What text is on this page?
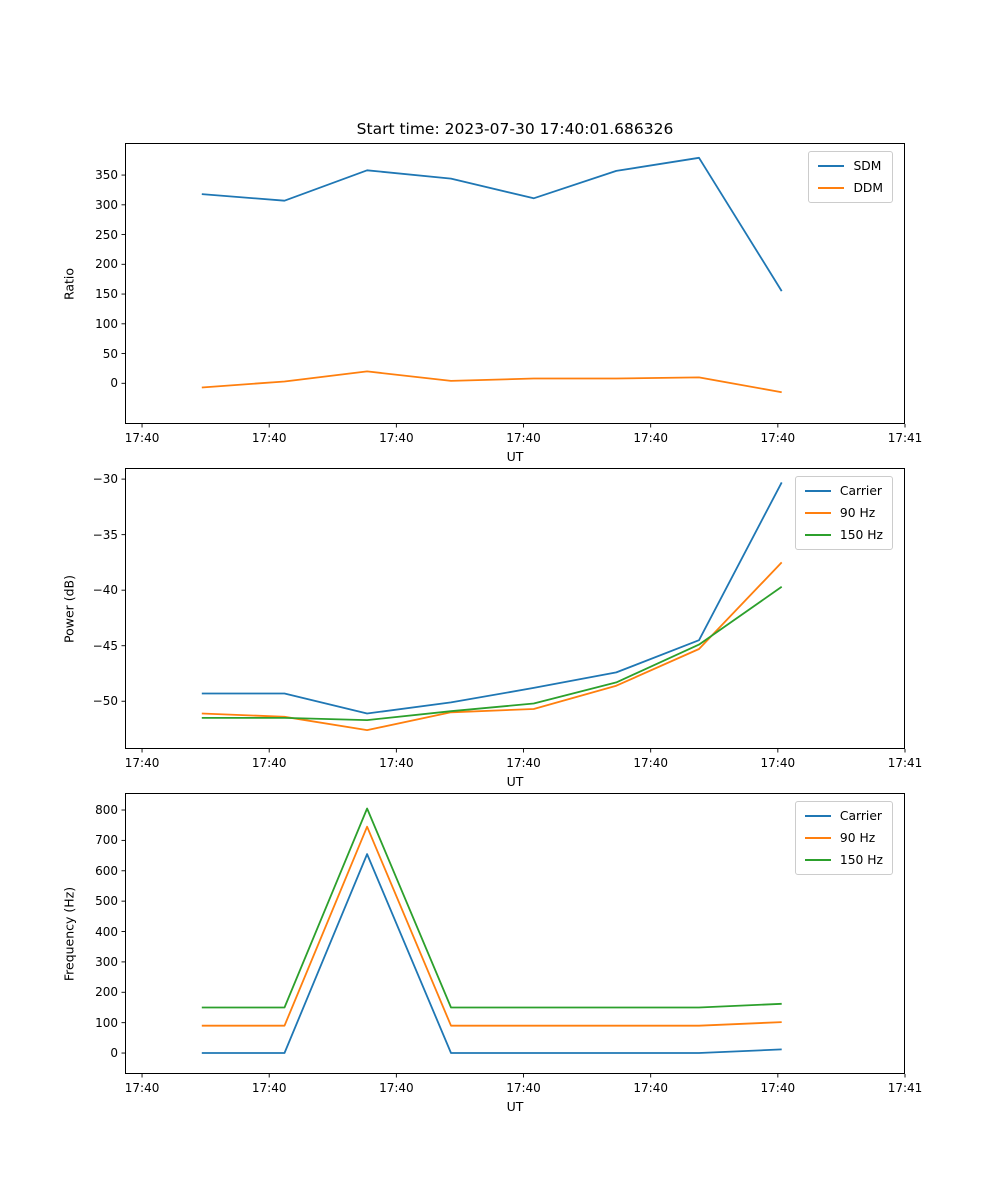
Start time: 2023-07-30 17:40:01.686326
Ratio
UT
SDM
DDM
17:40	17:40	17:40	17:40	17:40	17:40	17:41
0
50
100
150
200
250
300
350
Power (dB)
UT
Carrier
90 Hz
150 Hz
17:40	17:40	17:40	17:40	17:40	17:40	17:41
−50
−45
−40
−35
−30
Frequency (Hz)
UT
Carrier
90 Hz
150 Hz
17:40	17:40	17:40	17:40	17:40	17:40	17:41
0
100
200
300
400
500
600
700
800
